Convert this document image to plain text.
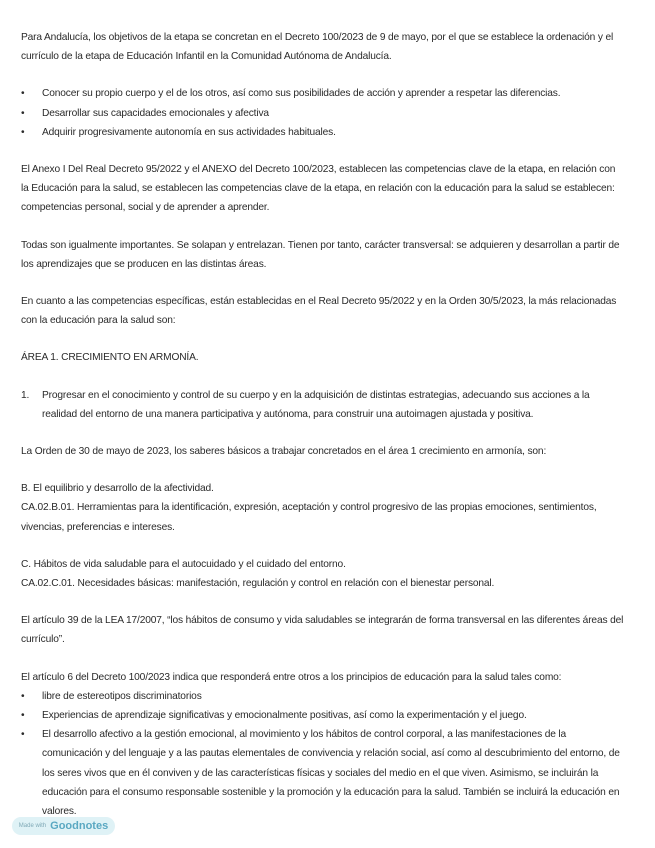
Para Andalucía, los objetivos de la etapa se concretan en el Decreto 100/2023 de 9 de mayo, por el que se establece la ordenación y el currículo de la etapa de Educación Infantil en la Comunidad Autónoma de Andalucía.

• Conocer su propio cuerpo y el de los otros, así como sus posibilidades de acción y aprender a respetar las diferencias.
• Desarrollar sus capacidades emocionales y afectiva
• Adquirir progresivamente autonomía en sus actividades habituales.

El Anexo I Del Real Decreto 95/2022 y el ANEXO del Decreto 100/2023, establecen las competencias clave de la etapa, en relación con la Educación para la salud, se establecen las competencias clave de la etapa, en relación con la educación para la salud se establecen: competencias personal, social y de aprender a aprender.

Todas son igualmente importantes. Se solapan y entrelazan. Tienen por tanto, carácter transversal: se adquieren y desarrollan a partir de los aprendizajes que se producen en las distintas áreas.

En cuanto a las competencias específicas, están establecidas en el Real Decreto 95/2022 y en la Orden 30/5/2023, la más relacionadas con la educación para la salud son:

ÁREA 1. CRECIMIENTO EN ARMONÍA.

1. Progresar en el conocimiento y control de su cuerpo y en la adquisición de distintas estrategias, adecuando sus acciones a la realidad del entorno de una manera participativa y autónoma, para construir una autoimagen ajustada y positiva.

La Orden de 30 de mayo de 2023, los saberes básicos a trabajar concretados en el área 1 crecimiento en armonía, son:

B. El equilibrio y desarrollo de la afectividad.

CA.02.B.01. Herramientas para la identificación, expresión, aceptación y control progresivo de las propias emociones, sentimientos, vivencias, preferencias e intereses.

C. Hábitos de vida saludable para el autocuidado y el cuidado del entorno.

CA.02.C.01. Necesidades básicas: manifestación, regulación y control en relación con el bienestar personal.

El artículo 39 de la LEA 17/2007, “los hábitos de consumo y vida saludables se integrarán de forma transversal en las diferentes áreas del currículo”.

El artículo 6 del Decreto 100/2023 indica que responderá entre otros a los principios de educación para la salud tales como:

• libre de estereotipos discriminatorios
• Experiencias de aprendizaje significativas y emocionalmente positivas, así como la experimentación y el juego.
• El desarrollo afectivo a la gestión emocional, al movimiento y los hábitos de control corporal, a las manifestaciones de la comunicación y del lenguaje y a las pautas elementales de convivencia y relación social, así como al descubrimiento del entorno, de los seres vivos que en él conviven y de las características físicas y sociales del medio en el que viven. Asimismo, se incluirán la educación para el consumo responsable sostenible y la promoción y la educación para la salud. También se incluirá la educación en valores.
Made with Goodnotes
